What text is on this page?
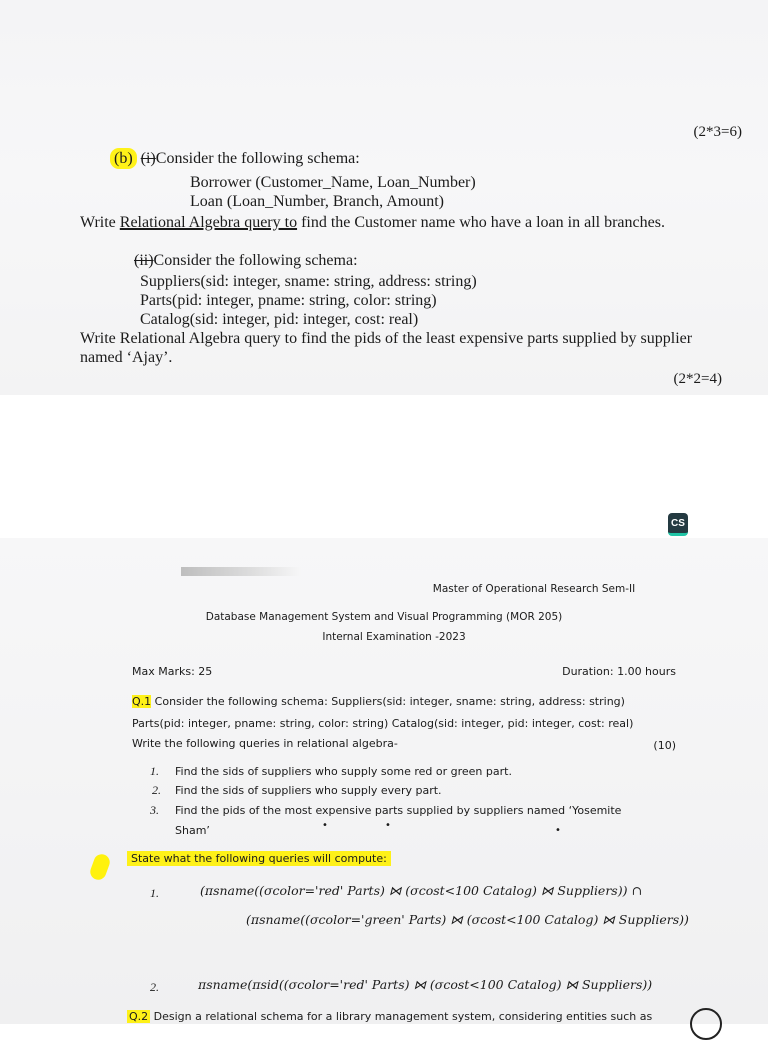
(2*3=6)
(b) (i)Consider the following schema:
Borrower (Customer_Name, Loan_Number)
Loan (Loan_Number, Branch, Amount)
Write Relational Algebra query to find the Customer name who have a loan in all branches.
(ii)Consider the following schema:
Suppliers(sid: integer, sname: string, address: string)
Parts(pid: integer, pname: string, color: string)
Catalog(sid: integer, pid: integer, cost: real)
Write Relational Algebra query to find the pids of the least expensive parts supplied by supplier
named ‘Ajay’.
(2*2=4)
CS
Master of Operational Research Sem-II
Database Management System and Visual Programming (MOR 205)
Internal Examination -2023
Max Marks: 25	Duration: 1.00 hours
Q.1 Consider the following schema: Suppliers(sid: integer, sname: string, address: string)
Parts(pid: integer, pname: string, color: string) Catalog(sid: integer, pid: integer, cost: real)
Write the following queries in relational algebra-	(10)
1. Find the sids of suppliers who supply some red or green part.
2. Find the sids of suppliers who supply every part.
3. Find the pids of the most expensive parts supplied by suppliers named ‘Yosemite
Sham’	•	•	•
State what the following queries will compute:
1.	(πsname((σcolor='red' Parts) ⋈ (σcost<100 Catalog) ⋈ Suppliers)) ∩
(πsname((σcolor='green' Parts) ⋈ (σcost<100 Catalog) ⋈ Suppliers))
2.	πsname(πsid((σcolor='red' Parts) ⋈ (σcost<100 Catalog) ⋈ Suppliers))
Q.2 Design a relational schema for a library management system, considering entities such as
